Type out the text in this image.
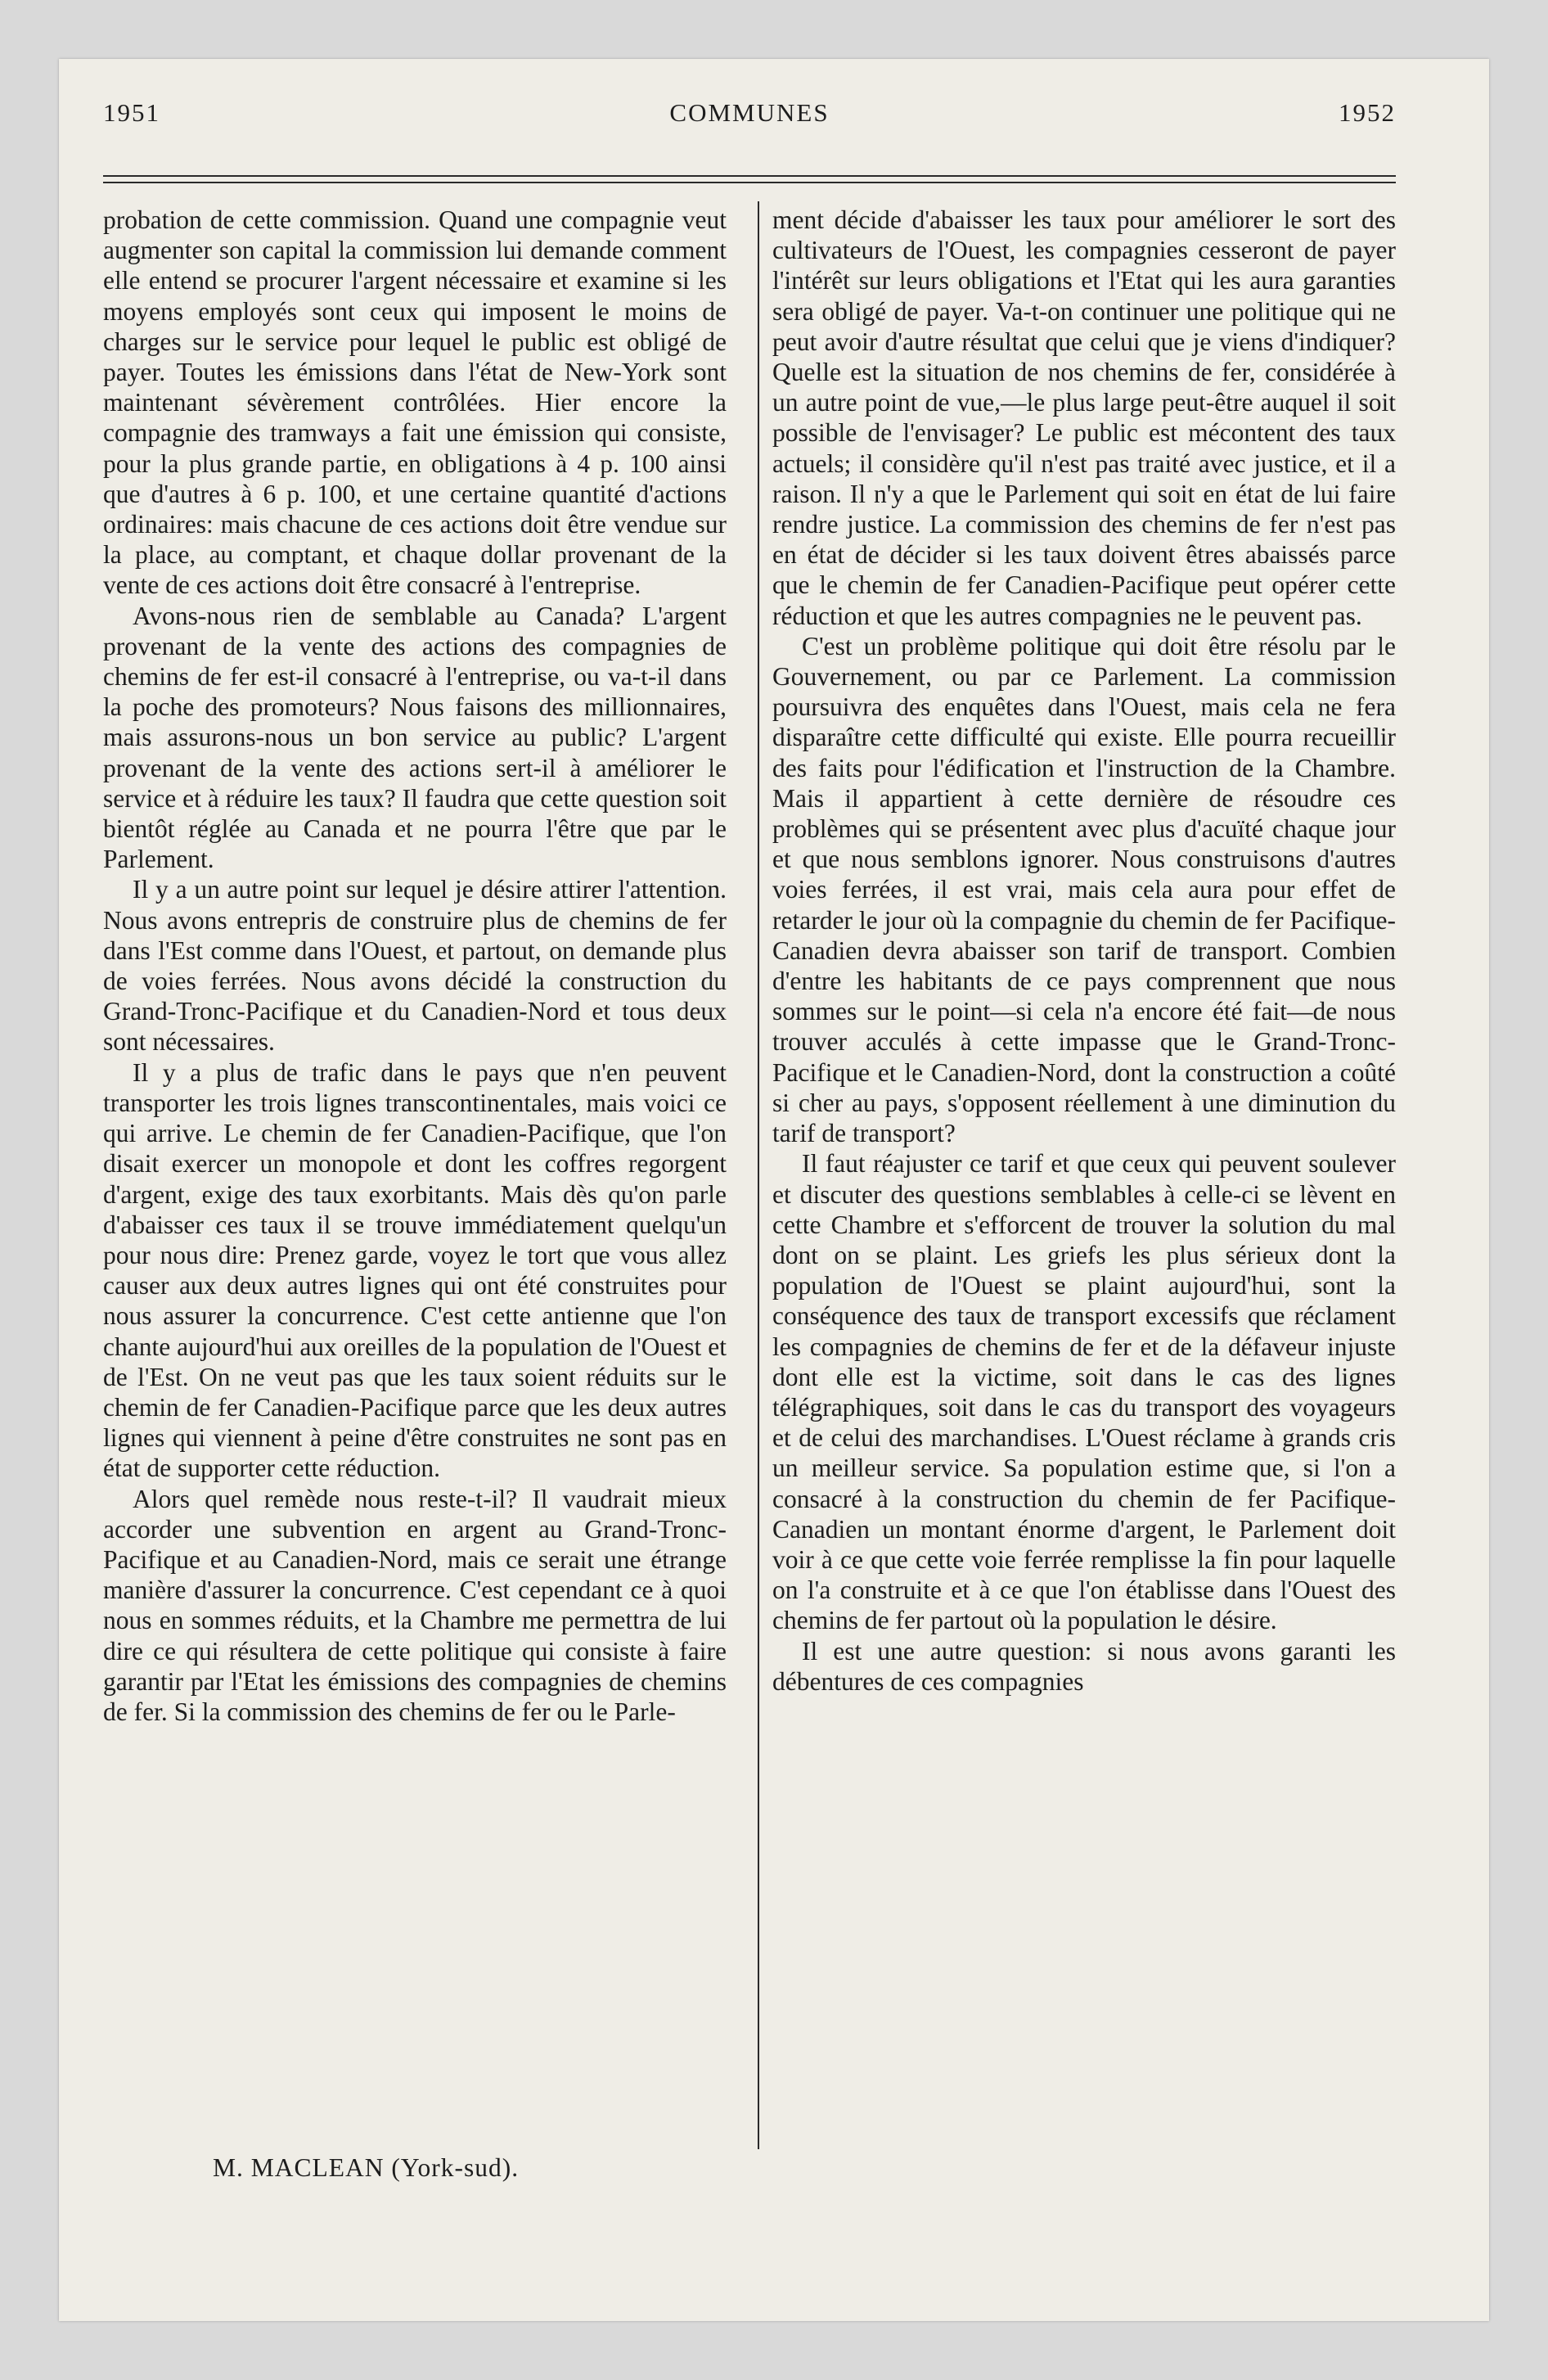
1951	COMMUNES	1952

probation de cette commission. Quand une compagnie veut augmenter son capital la commission lui demande comment elle entend se procurer l'argent nécessaire et examine si les moyens employés sont ceux qui imposent le moins de charges sur le service pour lequel le public est obligé de payer. Toutes les émissions dans l'état de New-York sont maintenant sévèrement contrôlées. Hier encore la compagnie des tramways a fait une émission qui consiste, pour la plus grande partie, en obligations à 4 p. 100 ainsi que d'autres à 6 p. 100, et une certaine quantité d'actions ordinaires: mais chacune de ces actions doit être vendue sur la place, au comptant, et chaque dollar provenant de la vente de ces actions doit être consacré à l'entreprise.

Avons-nous rien de semblable au Canada? L'argent provenant de la vente des actions des compagnies de chemins de fer est-il consacré à l'entreprise, ou va-t-il dans la poche des promoteurs? Nous faisons des millionnaires, mais assurons-nous un bon service au public? L'argent provenant de la vente des actions sert-il à améliorer le service et à réduire les taux? Il faudra que cette question soit bientôt réglée au Canada et ne pourra l'être que par le Parlement.

Il y a un autre point sur lequel je désire attirer l'attention. Nous avons entrepris de construire plus de chemins de fer dans l'Est comme dans l'Ouest, et partout, on demande plus de voies ferrées. Nous avons décidé la construction du Grand-Tronc-Pacifique et du Canadien-Nord et tous deux sont nécessaires.

Il y a plus de trafic dans le pays que n'en peuvent transporter les trois lignes transcontinentales, mais voici ce qui arrive. Le chemin de fer Canadien-Pacifique, que l'on disait exercer un monopole et dont les coffres regorgent d'argent, exige des taux exorbitants. Mais dès qu'on parle d'abaisser ces taux il se trouve immédiatement quelqu'un pour nous dire: Prenez garde, voyez le tort que vous allez causer aux deux autres lignes qui ont été construites pour nous assurer la concurrence. C'est cette antienne que l'on chante aujourd'hui aux oreilles de la population de l'Ouest et de l'Est. On ne veut pas que les taux soient réduits sur le chemin de fer Canadien-Pacifique parce que les deux autres lignes qui viennent à peine d'être construites ne sont pas en état de supporter cette réduction.

Alors quel remède nous reste-t-il? Il vaudrait mieux accorder une subvention en argent au Grand-Tronc-Pacifique et au Canadien-Nord, mais ce serait une étrange manière d'assurer la concurrence. C'est cependant ce à quoi nous en sommes réduits, et la Chambre me permettra de lui dire ce qui résultera de cette politique qui consiste à faire garantir par l'Etat les émissions des compagnies de chemins de fer. Si la commission des chemins de fer ou le Parle-

ment décide d'abaisser les taux pour améliorer le sort des cultivateurs de l'Ouest, les compagnies cesseront de payer l'intérêt sur leurs obligations et l'Etat qui les aura garanties sera obligé de payer. Va-t-on continuer une politique qui ne peut avoir d'autre résultat que celui que je viens d'indiquer? Quelle est la situation de nos chemins de fer, considérée à un autre point de vue,—le plus large peut-être auquel il soit possible de l'envisager? Le public est mécontent des taux actuels; il considère qu'il n'est pas traité avec justice, et il a raison. Il n'y a que le Parlement qui soit en état de lui faire rendre justice. La commission des chemins de fer n'est pas en état de décider si les taux doivent êtres abaissés parce que le chemin de fer Canadien-Pacifique peut opérer cette réduction et que les autres compagnies ne le peuvent pas.

C'est un problème politique qui doit être résolu par le Gouvernement, ou par ce Parlement. La commission poursuivra des enquêtes dans l'Ouest, mais cela ne fera disparaître cette difficulté qui existe. Elle pourra recueillir des faits pour l'édification et l'instruction de la Chambre. Mais il appartient à cette dernière de résoudre ces problèmes qui se présentent avec plus d'acuïté chaque jour et que nous semblons ignorer. Nous construisons d'autres voies ferrées, il est vrai, mais cela aura pour effet de retarder le jour où la compagnie du chemin de fer Pacifique-Canadien devra abaisser son tarif de transport. Combien d'entre les habitants de ce pays comprennent que nous sommes sur le point—si cela n'a encore été fait—de nous trouver acculés à cette impasse que le Grand-Tronc-Pacifique et le Canadien-Nord, dont la construction a coûté si cher au pays, s'opposent réellement à une diminution du tarif de transport?

Il faut réajuster ce tarif et que ceux qui peuvent soulever et discuter des questions semblables à celle-ci se lèvent en cette Chambre et s'efforcent de trouver la solution du mal dont on se plaint. Les griefs les plus sérieux dont la population de l'Ouest se plaint aujourd'hui, sont la conséquence des taux de transport excessifs que réclament les compagnies de chemins de fer et de la défaveur injuste dont elle est la victime, soit dans le cas des lignes télégraphiques, soit dans le cas du transport des voyageurs et de celui des marchandises. L'Ouest réclame à grands cris un meilleur service. Sa population estime que, si l'on a consacré à la construction du chemin de fer Pacifique-Canadien un montant énorme d'argent, le Parlement doit voir à ce que cette voie ferrée remplisse la fin pour laquelle on l'a construite et à ce que l'on établisse dans l'Ouest des chemins de fer partout où la population le désire.

Il est une autre question: si nous avons garanti les débentures de ces compagnies

M. MACLEAN (York-sud).
